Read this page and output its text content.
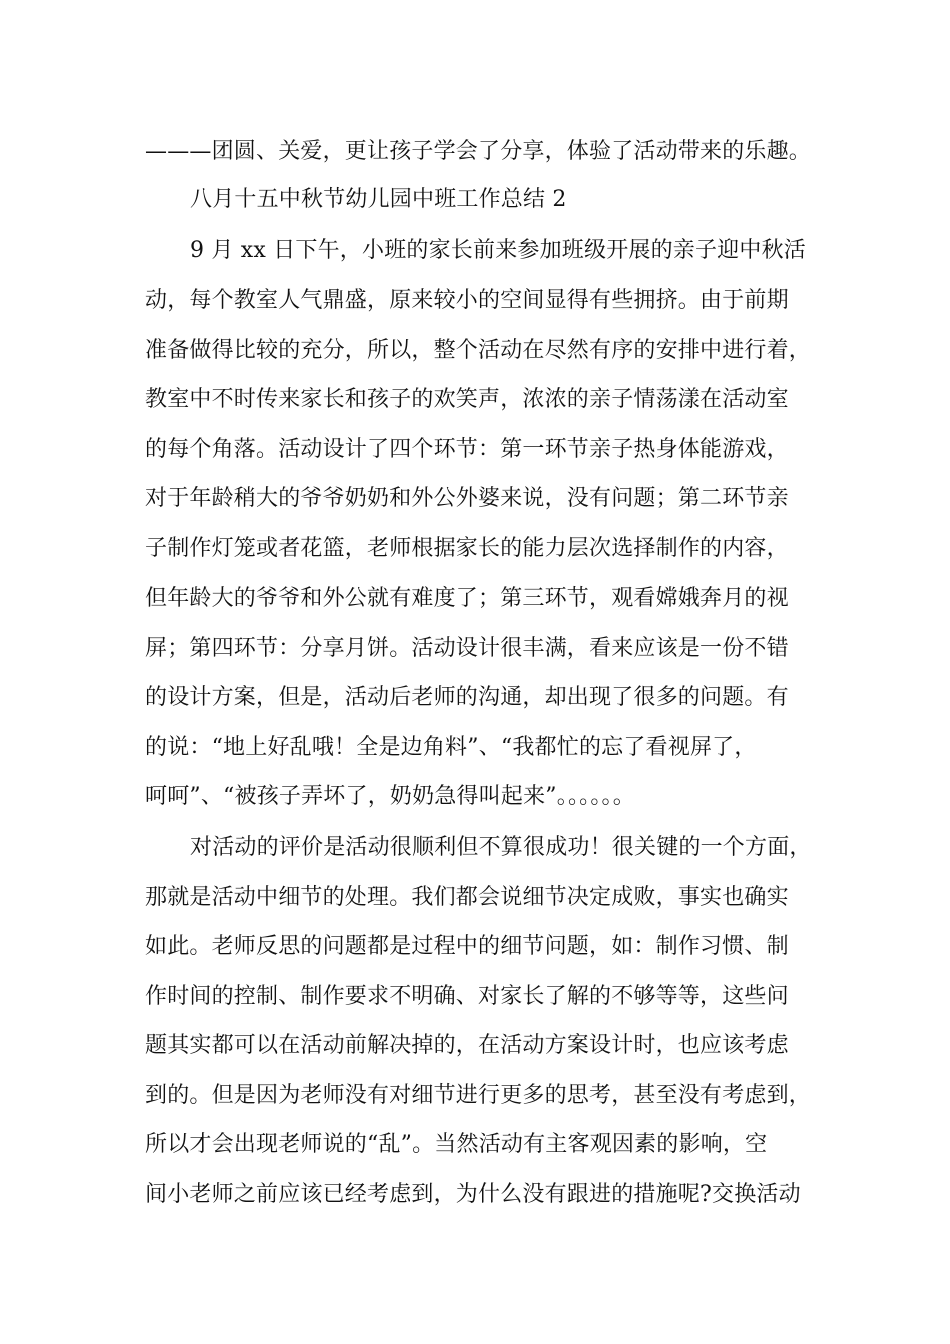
———团圆、关爱，更让孩子学会了分享，体验了活动带来的乐趣。
八月十五中秋节幼儿园中班工作总结 2
9 月 xx 日下午，小班的家长前来参加班级开展的亲子迎中秋活
动，每个教室人气鼎盛，原来较小的空间显得有些拥挤。由于前期
准备做得比较的充分，所以，整个活动在尽然有序的安排中进行着，
教室中不时传来家长和孩子的欢笑声，浓浓的亲子情荡漾在活动室
的每个角落。活动设计了四个环节：第一环节亲子热身体能游戏，
对于年龄稍大的爷爷奶奶和外公外婆来说，没有问题；第二环节亲
子制作灯笼或者花篮，老师根据家长的能力层次选择制作的内容，
但年龄大的爷爷和外公就有难度了；第三环节，观看嫦娥奔月的视
屏；第四环节：分享月饼。活动设计很丰满，看来应该是一份不错
的设计方案，但是，活动后老师的沟通，却出现了很多的问题。有
的说：“地上好乱哦！全是边角料”、“我都忙的忘了看视屏了，
呵呵”、“被孩子弄坏了，奶奶急得叫起来”。。。。。。
对活动的评价是活动很顺利但不算很成功！很关键的一个方面，
那就是活动中细节的处理。我们都会说细节决定成败，事实也确实
如此。老师反思的问题都是过程中的细节问题，如：制作习惯、制
作时间的控制、制作要求不明确、对家长了解的不够等等，这些问
题其实都可以在活动前解决掉的，在活动方案设计时，也应该考虑
到的。但是因为老师没有对细节进行更多的思考，甚至没有考虑到，
所以才会出现老师说的“乱”。当然活动有主客观因素的影响，空
间小老师之前应该已经考虑到，为什么没有跟进的措施呢?交换活动
